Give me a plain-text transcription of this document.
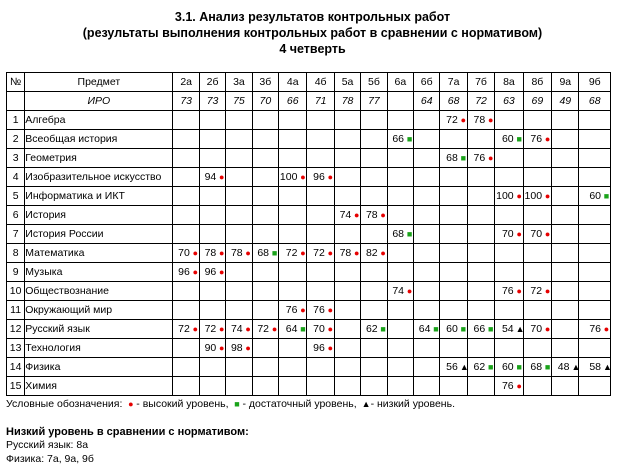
3.1. Анализ результатов контрольных работ
(результаты выполнения контрольных работ в сравнении с нормативом)
4 четверть
№	Предмет	2а	2б	3а	3б	4а	4б	5а	5б	6а	6б	7а	7б	8а	8б	9а	9б
	ИРО	73	73	75	70	66	71	78	77		64	68	72	63	69	49	68
1	Алгебра											72 ●	78 ●				
2	Всеобщая история									66 ■				60 ■	76 ●		
3	Геометрия											68 ■	76 ●				
4	Изобразительное искусство		94 ●			100 ●	96 ●										
5	Информатика и ИКТ													100 ●	100 ●		60 ■
6	История							74 ●	78 ●								
7	История России									68 ■				70 ●	70 ●		
8	Математика	70 ●	78 ●	78 ●	68 ■	72 ●	72 ●	78 ●	82 ●								
9	Музыка	96 ●	96 ●														
10	Обществознание									74 ●				76 ●	72 ●		
11	Окружающий мир					76 ●	76 ●										
12	Русский язык	72 ●	72 ●	74 ●	72 ●	64 ■	70 ●		62 ■		64 ■	60 ■	66 ■	54 ▲	70 ●		76 ●
13	Технология		90 ●	98 ●			96 ●										
14	Физика											56 ▲	62 ■	60 ■	68 ■	48 ▲	58 ▲
15	Химия													76 ●			
Условные обозначения: ● - высокий уровень, ■ - достаточный уровень, ▲- низкий уровень.
Низкий уровень в сравнении с нормативом:
Русский язык: 8а
Физика: 7а, 9а, 9б
